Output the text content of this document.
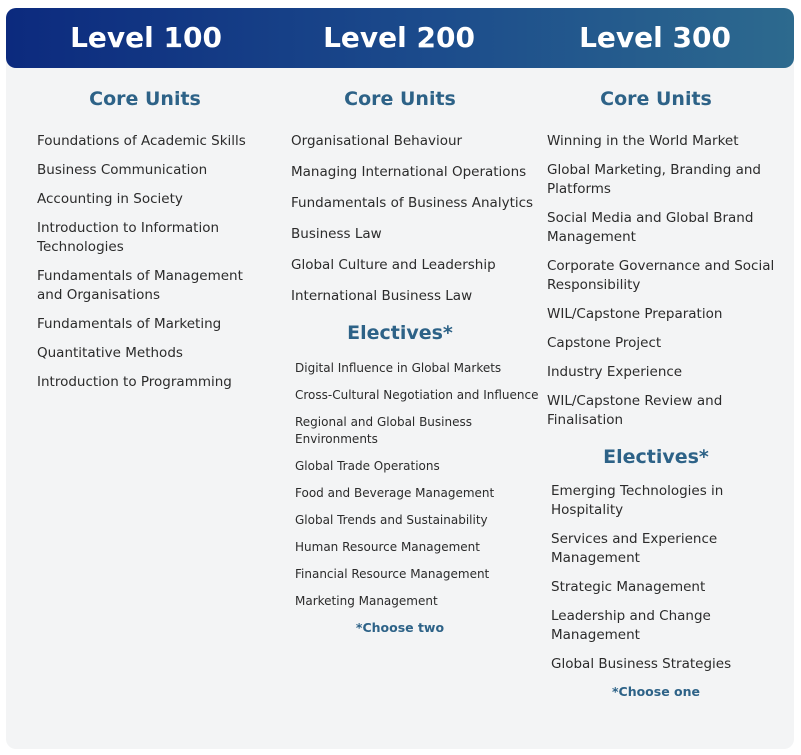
Level 100	Level 200	Level 300
Core Units
Foundations of Academic Skills
Business Communication
Accounting in Society
Introduction to Information Technologies
Fundamentals of Management and Organisations
Fundamentals of Marketing
Quantitative Methods
Introduction to Programming
Core Units
Organisational Behaviour
Managing International Operations
Fundamentals of Business Analytics
Business Law
Global Culture and Leadership
International Business Law
Electives*
Digital Influence in Global Markets
Cross-Cultural Negotiation and Influence
Regional and Global Business Environments
Global Trade Operations
Food and Beverage Management
Global Trends and Sustainability
Human Resource Management
Financial Resource Management
Marketing Management
*Choose two
Core Units
Winning in the World Market
Global Marketing, Branding and Platforms
Social Media and Global Brand Management
Corporate Governance and Social Responsibility
WIL/Capstone Preparation
Capstone Project
Industry Experience
WIL/Capstone Review and Finalisation
Electives*
Emerging Technologies in Hospitality
Services and Experience Management
Strategic Management
Leadership and Change Management
Global Business Strategies
*Choose one
